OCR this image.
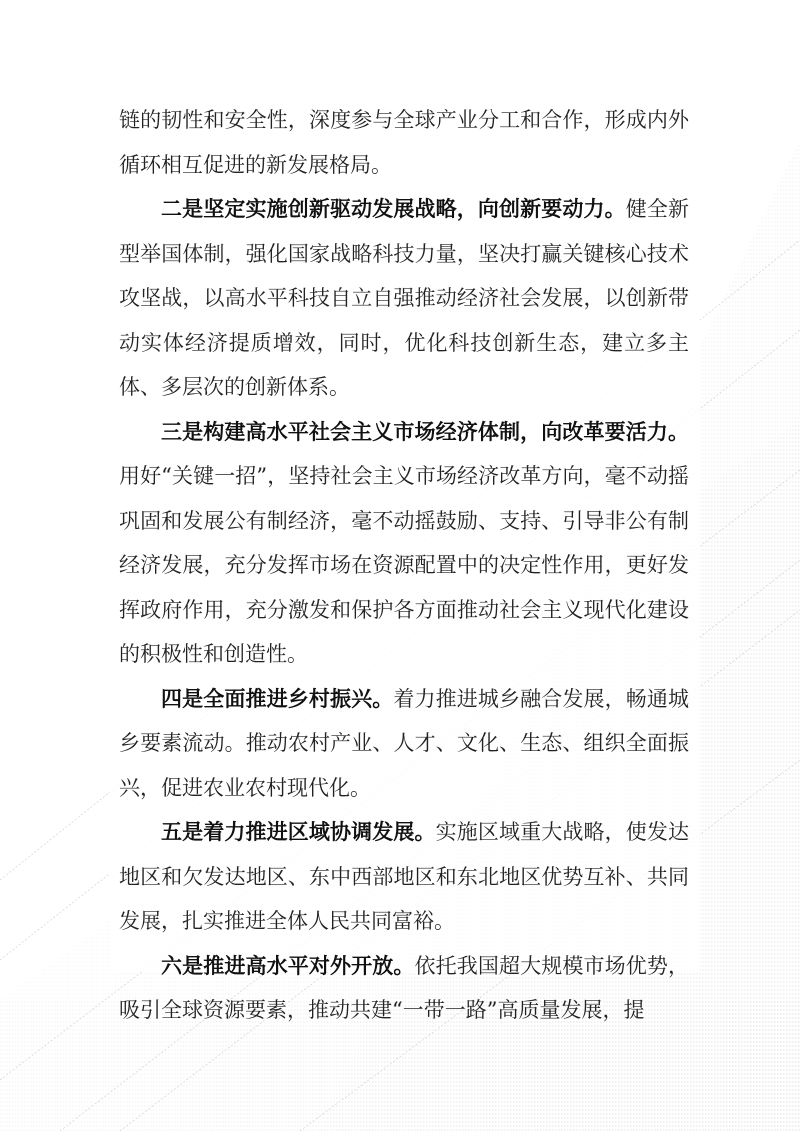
链的韧性和安全性，深度参与全球产业分工和合作，形成内外循环相互促进的新发展格局。

二是坚定实施创新驱动发展战略，向创新要动力。健全新型举国体制，强化国家战略科技力量，坚决打赢关键核心技术攻坚战，以高水平科技自立自强推动经济社会发展，以创新带动实体经济提质增效，同时，优化科技创新生态，建立多主体、多层次的创新体系。

三是构建高水平社会主义市场经济体制，向改革要活力。用好“关键一招”，坚持社会主义市场经济改革方向，毫不动摇巩固和发展公有制经济，毫不动摇鼓励、支持、引导非公有制经济发展，充分发挥市场在资源配置中的决定性作用，更好发挥政府作用，充分激发和保护各方面推动社会主义现代化建设的积极性和创造性。

四是全面推进乡村振兴。着力推进城乡融合发展，畅通城乡要素流动。推动农村产业、人才、文化、生态、组织全面振兴，促进农业农村现代化。

五是着力推进区域协调发展。实施区域重大战略，使发达地区和欠发达地区、东中西部地区和东北地区优势互补、共同发展，扎实推进全体人民共同富裕。

六是推进高水平对外开放。依托我国超大规模市场优势，吸引全球资源要素，推动共建“一带一路”高质量发展，提
